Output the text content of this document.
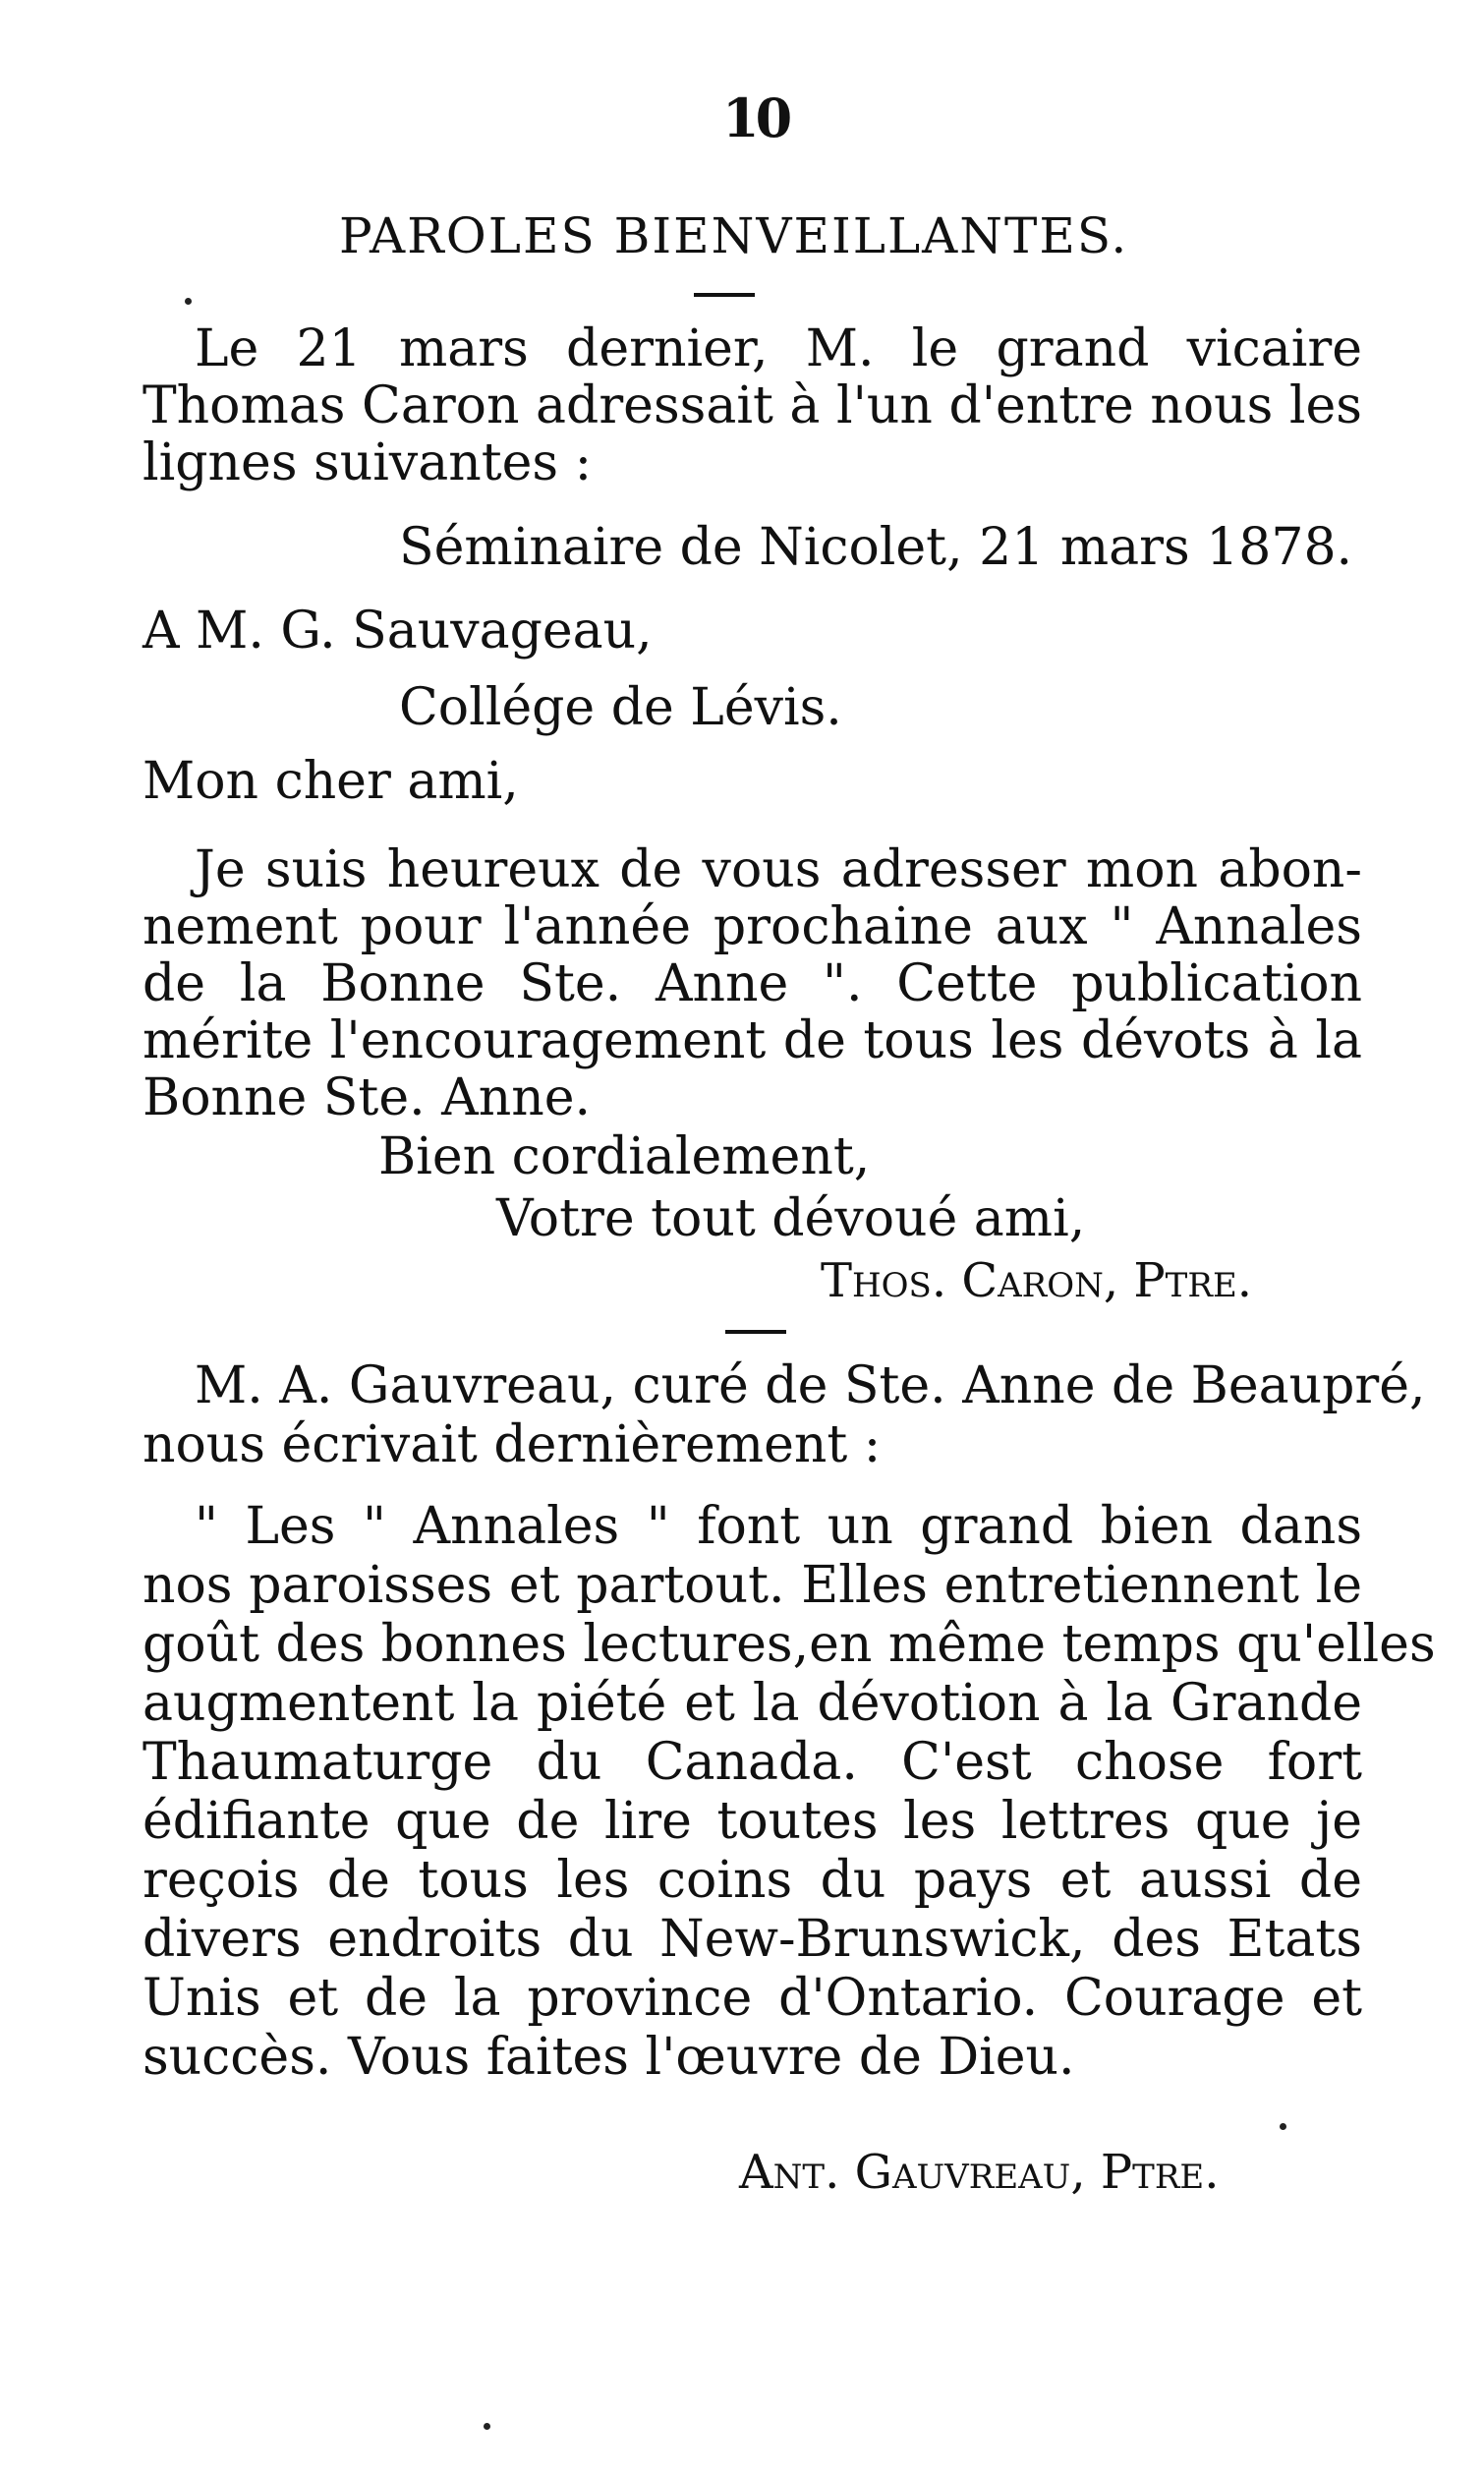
10
PAROLES BIENVEILLANTES.
Le 21 mars dernier, M. le grand vicaire
Thomas Caron adressait à l'un d'entre nous les
lignes suivantes :
Séminaire de Nicolet, 21 mars 1878.
A M. G. Sauvageau,
Collége de Lévis.
Mon cher ami,
Je suis heureux de vous adresser mon abon-
nement pour l'année prochaine aux " Annales
de la Bonne Ste. Anne ". Cette publication
mérite l'encouragement de tous les dévots à la
Bonne Ste. Anne.
Bien cordialement,
Votre tout dévoué ami,
Thos. Caron, Ptre.
M. A. Gauvreau, curé de Ste. Anne de Beaupré,
nous écrivait dernièrement :
" Les " Annales " font un grand bien dans
nos paroisses et partout. Elles entretiennent le
goût des bonnes lectures,en même temps qu'elles
augmentent la piété et la dévotion à la Grande
Thaumaturge du Canada. C'est chose fort
édifiante que de lire toutes les lettres que je
reçois de tous les coins du pays et aussi de
divers endroits du New-Brunswick, des Etats
Unis et de la province d'Ontario. Courage et
succès. Vous faites l'œuvre de Dieu.
Ant. Gauvreau, Ptre.
